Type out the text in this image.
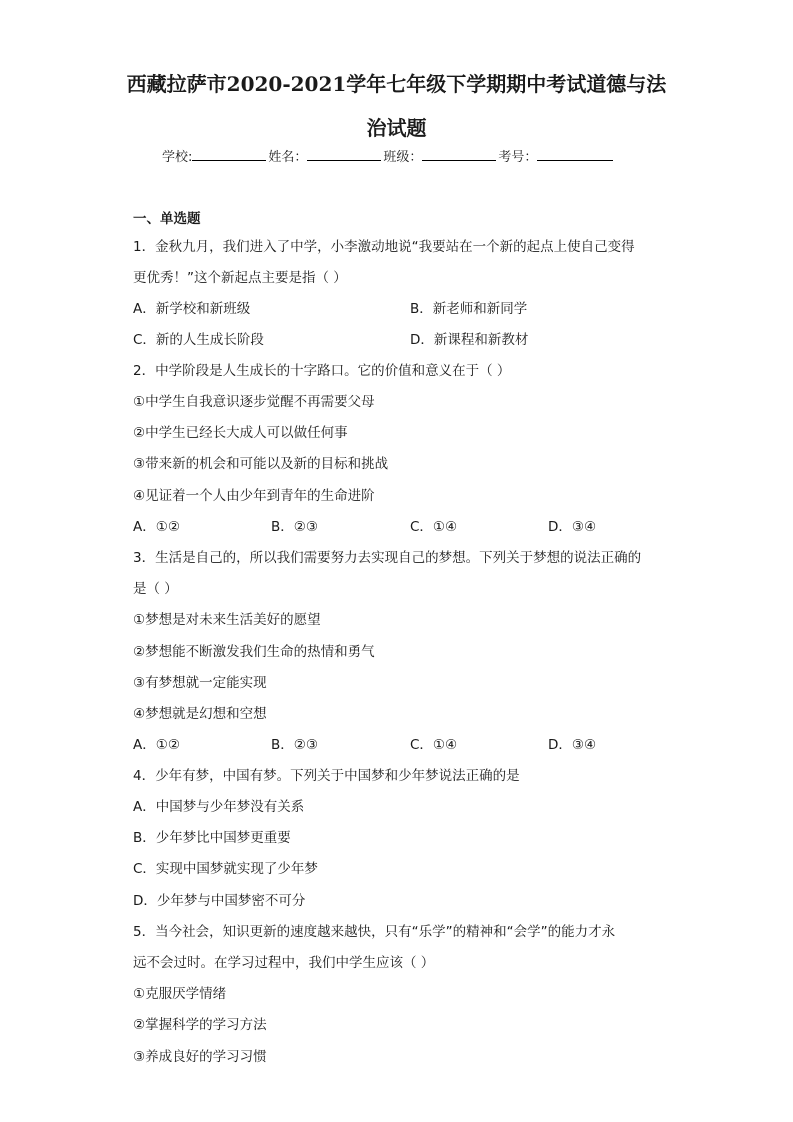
西藏拉萨市2020-2021学年七年级下学期期中考试道德与法
治试题
学校:	姓名：	班级：	考号：
一、单选题
1．金秋九月，我们进入了中学，小李激动地说“我要站在一个新的起点上使自己变得
更优秀！”这个新起点主要是指（ ）
A．新学校和新班级	B．新老师和新同学
C．新的人生成长阶段	D．新课程和新教材
2．中学阶段是人生成长的十字路口。它的价值和意义在于（ ）
①中学生自我意识逐步觉醒不再需要父母
②中学生已经长大成人可以做任何事
③带来新的机会和可能以及新的目标和挑战
④见证着一个人由少年到青年的生命进阶
A．①②	B．②③	C．①④	D．③④
3．生活是自己的，所以我们需要努力去实现自己的梦想。下列关于梦想的说法正确的
是（ ）
①梦想是对未来生活美好的愿望
②梦想能不断激发我们生命的热情和勇气
③有梦想就一定能实现
④梦想就是幻想和空想
A．①②	B．②③	C．①④	D．③④
4．少年有梦，中国有梦。下列关于中国梦和少年梦说法正确的是
A．中国梦与少年梦没有关系
B．少年梦比中国梦更重要
C．实现中国梦就实现了少年梦
D．少年梦与中国梦密不可分
5．当今社会，知识更新的速度越来越快，只有“乐学”的精神和“会学”的能力才永
远不会过时。在学习过程中，我们中学生应该（ ）
①克服厌学情绪
②掌握科学的学习方法
③养成良好的学习习惯
